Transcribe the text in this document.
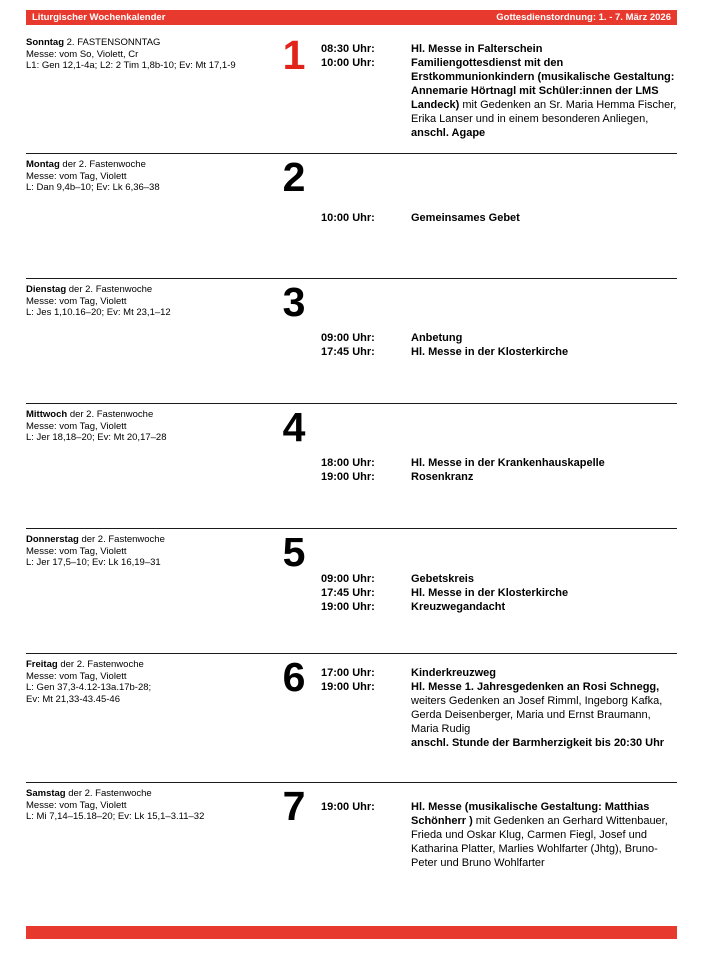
Liturgischer Wochenkalender	Gottesdienstordnung: 1. - 7. März 2026
Sonntag 2. FASTENSONNTAG
Messe: vom So, Violett, Cr
L1: Gen 12,1-4a; L2: 2 Tim 1,8b-10; Ev: Mt 17,1-9	1	08:30 Uhr:	Hl. Messe in Falterschein
10:00 Uhr:	Familiengottesdienst mit den Erstkommunionkindern (musikalische Gestaltung: Annemarie Hörtnagl mit Schüler:innen der LMS Landeck) mit Gedenken an Sr. Maria Hemma Fischer, Erika Lanser und in einem besonderen Anliegen, anschl. Agape
Montag der 2. Fastenwoche
Messe: vom Tag, Violett
L: Dan 9,4b–10; Ev: Lk 6,36–38	2
10:00 Uhr:	Gemeinsames Gebet
Dienstag der 2. Fastenwoche
Messe: vom Tag, Violett
L: Jes 1,10.16–20; Ev: Mt 23,1–12	3
09:00 Uhr:	Anbetung
17:45 Uhr:	Hl. Messe in der Klosterkirche
Mittwoch der 2. Fastenwoche
Messe: vom Tag, Violett
L: Jer 18,18–20; Ev: Mt 20,17–28	4
18:00 Uhr:	Hl. Messe in der Krankenhauskapelle
19:00 Uhr:	Rosenkranz
Donnerstag der 2. Fastenwoche
Messe: vom Tag, Violett
L: Jer 17,5–10; Ev: Lk 16,19–31	5
09:00 Uhr:	Gebetskreis
17:45 Uhr:	Hl. Messe in der Klosterkirche
19:00 Uhr:	Kreuzwegandacht
Freitag der 2. Fastenwoche
Messe: vom Tag, Violett
L: Gen 37,3-4.12-13a.17b-28;
Ev: Mt 21,33-43.45-46	6	17:00 Uhr:	Kinderkreuzweg
19:00 Uhr:	Hl. Messe 1. Jahresgedenken an Rosi Schnegg, weiters Gedenken an Josef Rimml, Ingeborg Kafka, Gerda Deisenberger, Maria und Ernst Braumann, Maria Rudig
anschl. Stunde der Barmherzigkeit bis 20:30 Uhr
Samstag der 2. Fastenwoche
Messe: vom Tag, Violett
L: Mi 7,14–15.18–20; Ev: Lk 15,1–3.11–32	7	19:00 Uhr:	Hl. Messe (musikalische Gestaltung: Matthias Schönherr ) mit Gedenken an Gerhard Wittenbauer, Frieda und Oskar Klug, Carmen Fiegl, Josef und Katharina Platter, Marlies Wohlfarter (Jhtg), Bruno-Peter und Bruno Wohlfarter
